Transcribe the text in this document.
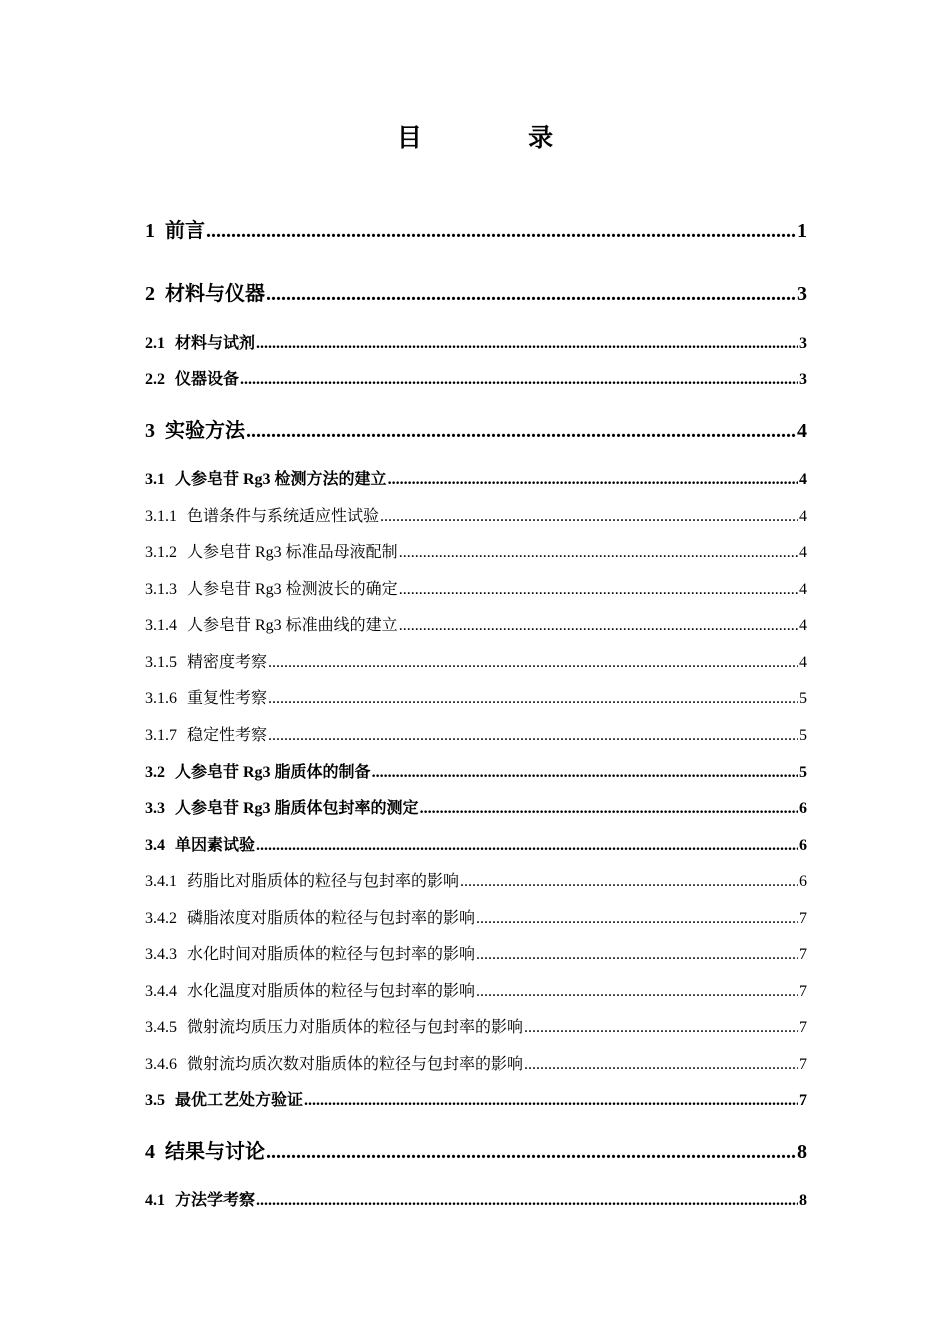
目 录
1 前言 .....	1
2 材料与仪器 .....	3
2.1 材料与试剂 .....	3
2.2 仪器设备 .....	3
3 实验方法 .....	4
3.1 人参皂苷 Rg3 检测方法的建立 .....	4
3.1.1 色谱条件与系统适应性试验 .....	4
3.1.2 人参皂苷 Rg3 标准品母液配制 .....	4
3.1.3 人参皂苷 Rg3 检测波长的确定 .....	4
3.1.4 人参皂苷 Rg3 标准曲线的建立 .....	4
3.1.5 精密度考察 .....	4
3.1.6 重复性考察 .....	5
3.1.7 稳定性考察 .....	5
3.2 人参皂苷 Rg3 脂质体的制备 .....	5
3.3 人参皂苷 Rg3 脂质体包封率的测定 .....	6
3.4 单因素试验 .....	6
3.4.1 药脂比对脂质体的粒径与包封率的影响 .....	6
3.4.2 磷脂浓度对脂质体的粒径与包封率的影响 .....	7
3.4.3 水化时间对脂质体的粒径与包封率的影响 .....	7
3.4.4 水化温度对脂质体的粒径与包封率的影响 .....	7
3.4.5 微射流均质压力对脂质体的粒径与包封率的影响 .....	7
3.4.6 微射流均质次数对脂质体的粒径与包封率的影响 .....	7
3.5 最优工艺处方验证 .....	7
4 结果与讨论 .....	8
4.1 方法学考察 .....	8
